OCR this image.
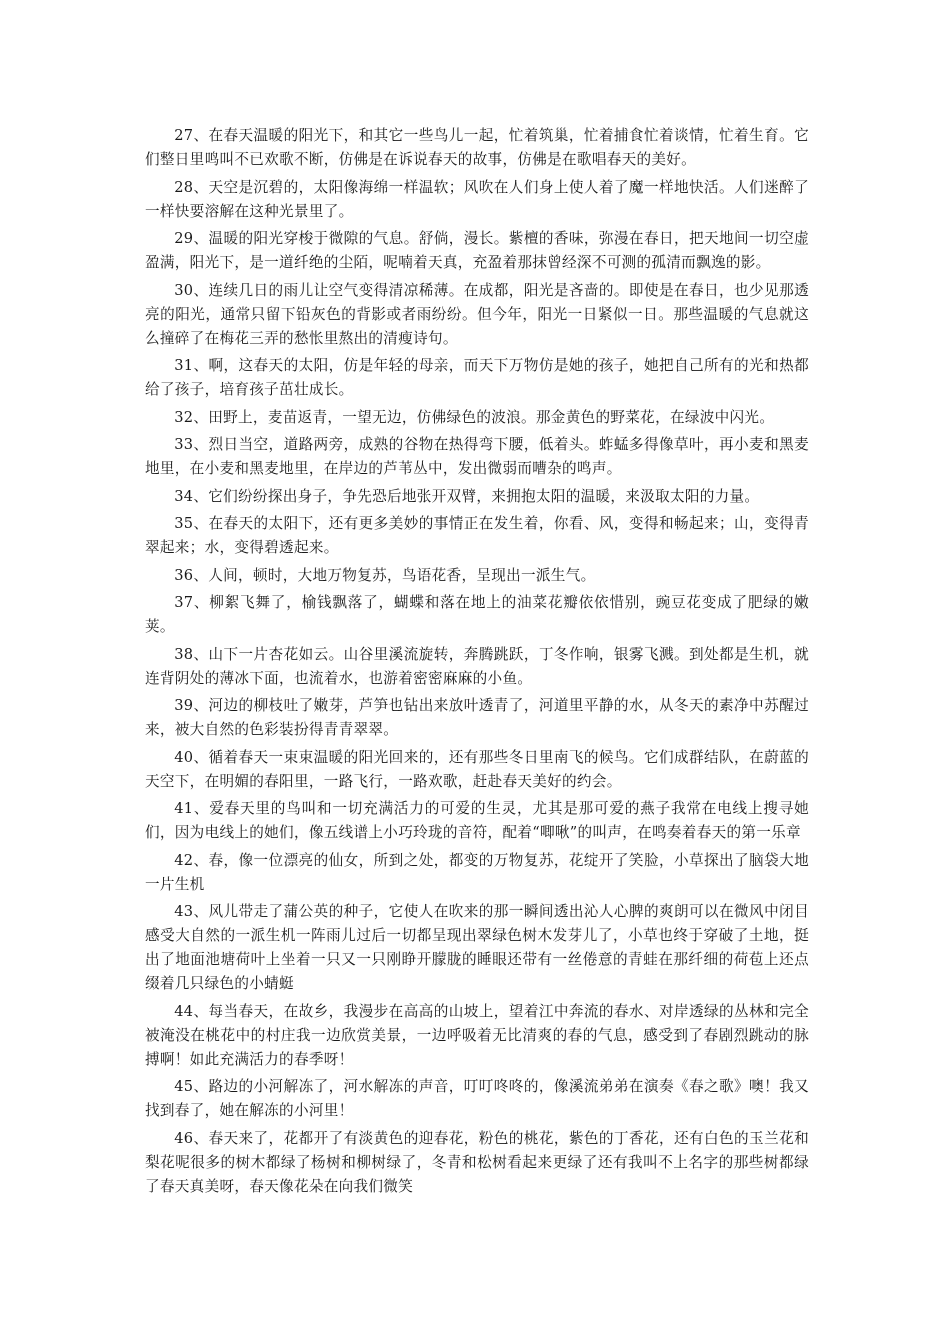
27、在春天温暖的阳光下，和其它一些鸟儿一起，忙着筑巢，忙着捕食忙着谈情，忙着生育。它们整日里鸣叫不已欢歌不断，仿佛是在诉说春天的故事，仿佛是在歌唱春天的美好。

28、天空是沉碧的，太阳像海绵一样温软；风吹在人们身上使人着了魔一样地快活。人们迷醉了一样快要溶解在这种光景里了。

29、温暖的阳光穿梭于微隙的气息。舒倘，漫长。紫檀的香味，弥漫在春日，把天地间一切空虚盈满，阳光下，是一道纤绝的尘陌，呢喃着天真，充盈着那抹曾经深不可测的孤清而飘逸的影。

30、连续几日的雨儿让空气变得清凉稀薄。在成都，阳光是吝啬的。即使是在春日，也少见那透亮的阳光，通常只留下铅灰色的背影或者雨纷纷。但今年，阳光一日紧似一日。那些温暖的气息就这么撞碎了在梅花三弄的愁怅里熬出的清瘦诗句。

31、啊，这春天的太阳，仿是年轻的母亲，而天下万物仿是她的孩子，她把自己所有的光和热都给了孩子，培育孩子茁壮成长。

32、田野上，麦苗返青，一望无边，仿佛绿色的波浪。那金黄色的野菜花，在绿波中闪光。

33、烈日当空，道路两旁，成熟的谷物在热得弯下腰，低着头。蚱蜢多得像草叶，再小麦和黑麦地里，在小麦和黑麦地里，在岸边的芦苇丛中，发出微弱而嘈杂的鸣声。

34、它们纷纷探出身子，争先恐后地张开双臂，来拥抱太阳的温暖，来汲取太阳的力量。

35、在春天的太阳下，还有更多美妙的事情正在发生着，你看、风，变得和畅起来；山，变得青翠起来；水，变得碧透起来。

36、人间，顿时，大地万物复苏，鸟语花香，呈现出一派生气。

37、柳絮飞舞了，榆钱飘落了，蝴蝶和落在地上的油菜花瓣依依惜别，豌豆花变成了肥绿的嫩荚。

38、山下一片杏花如云。山谷里溪流旋转，奔腾跳跃，丁冬作响，银雾飞溅。到处都是生机，就连背阴处的薄冰下面，也流着水，也游着密密麻麻的小鱼。

39、河边的柳枝吐了嫩芽，芦笋也钻出来放叶透青了，河道里平静的水，从冬天的素净中苏醒过来，被大自然的色彩装扮得青青翠翠。

40、循着春天一束束温暖的阳光回来的，还有那些冬日里南飞的候鸟。它们成群结队，在蔚蓝的天空下，在明媚的春阳里，一路飞行，一路欢歌，赶赴春天美好的约会。

41、爱春天里的鸟叫和一切充满活力的可爱的生灵，尤其是那可爱的燕子我常在电线上搜寻她们，因为电线上的她们，像五线谱上小巧玲珑的音符，配着“唧啾”的叫声，在鸣奏着春天的第一乐章

42、春，像一位漂亮的仙女，所到之处，都变的万物复苏，花绽开了笑脸，小草探出了脑袋大地一片生机

43、风儿带走了蒲公英的种子，它使人在吹来的那一瞬间透出沁人心脾的爽朗可以在微风中闭目感受大自然的一派生机一阵雨儿过后一切都呈现出翠绿色树木发芽儿了，小草也终于穿破了土地，挺出了地面池塘荷叶上坐着一只又一只刚睁开朦胧的睡眼还带有一丝倦意的青蛙在那纤细的荷苞上还点缀着几只绿色的小蜻蜓

44、每当春天，在故乡，我漫步在高高的山坡上，望着江中奔流的春水、对岸透绿的丛林和完全被淹没在桃花中的村庄我一边欣赏美景，一边呼吸着无比清爽的春的气息，感受到了春剧烈跳动的脉搏啊！如此充满活力的春季呀！

45、路边的小河解冻了，河水解冻的声音，叮叮咚咚的，像溪流弟弟在演奏《春之歌》噢！我又找到春了，她在解冻的小河里！

46、春天来了，花都开了有淡黄色的迎春花，粉色的桃花，紫色的丁香花，还有白色的玉兰花和梨花呢很多的树木都绿了杨树和柳树绿了，冬青和松树看起来更绿了还有我叫不上名字的那些树都绿了春天真美呀，春天像花朵在向我们微笑
